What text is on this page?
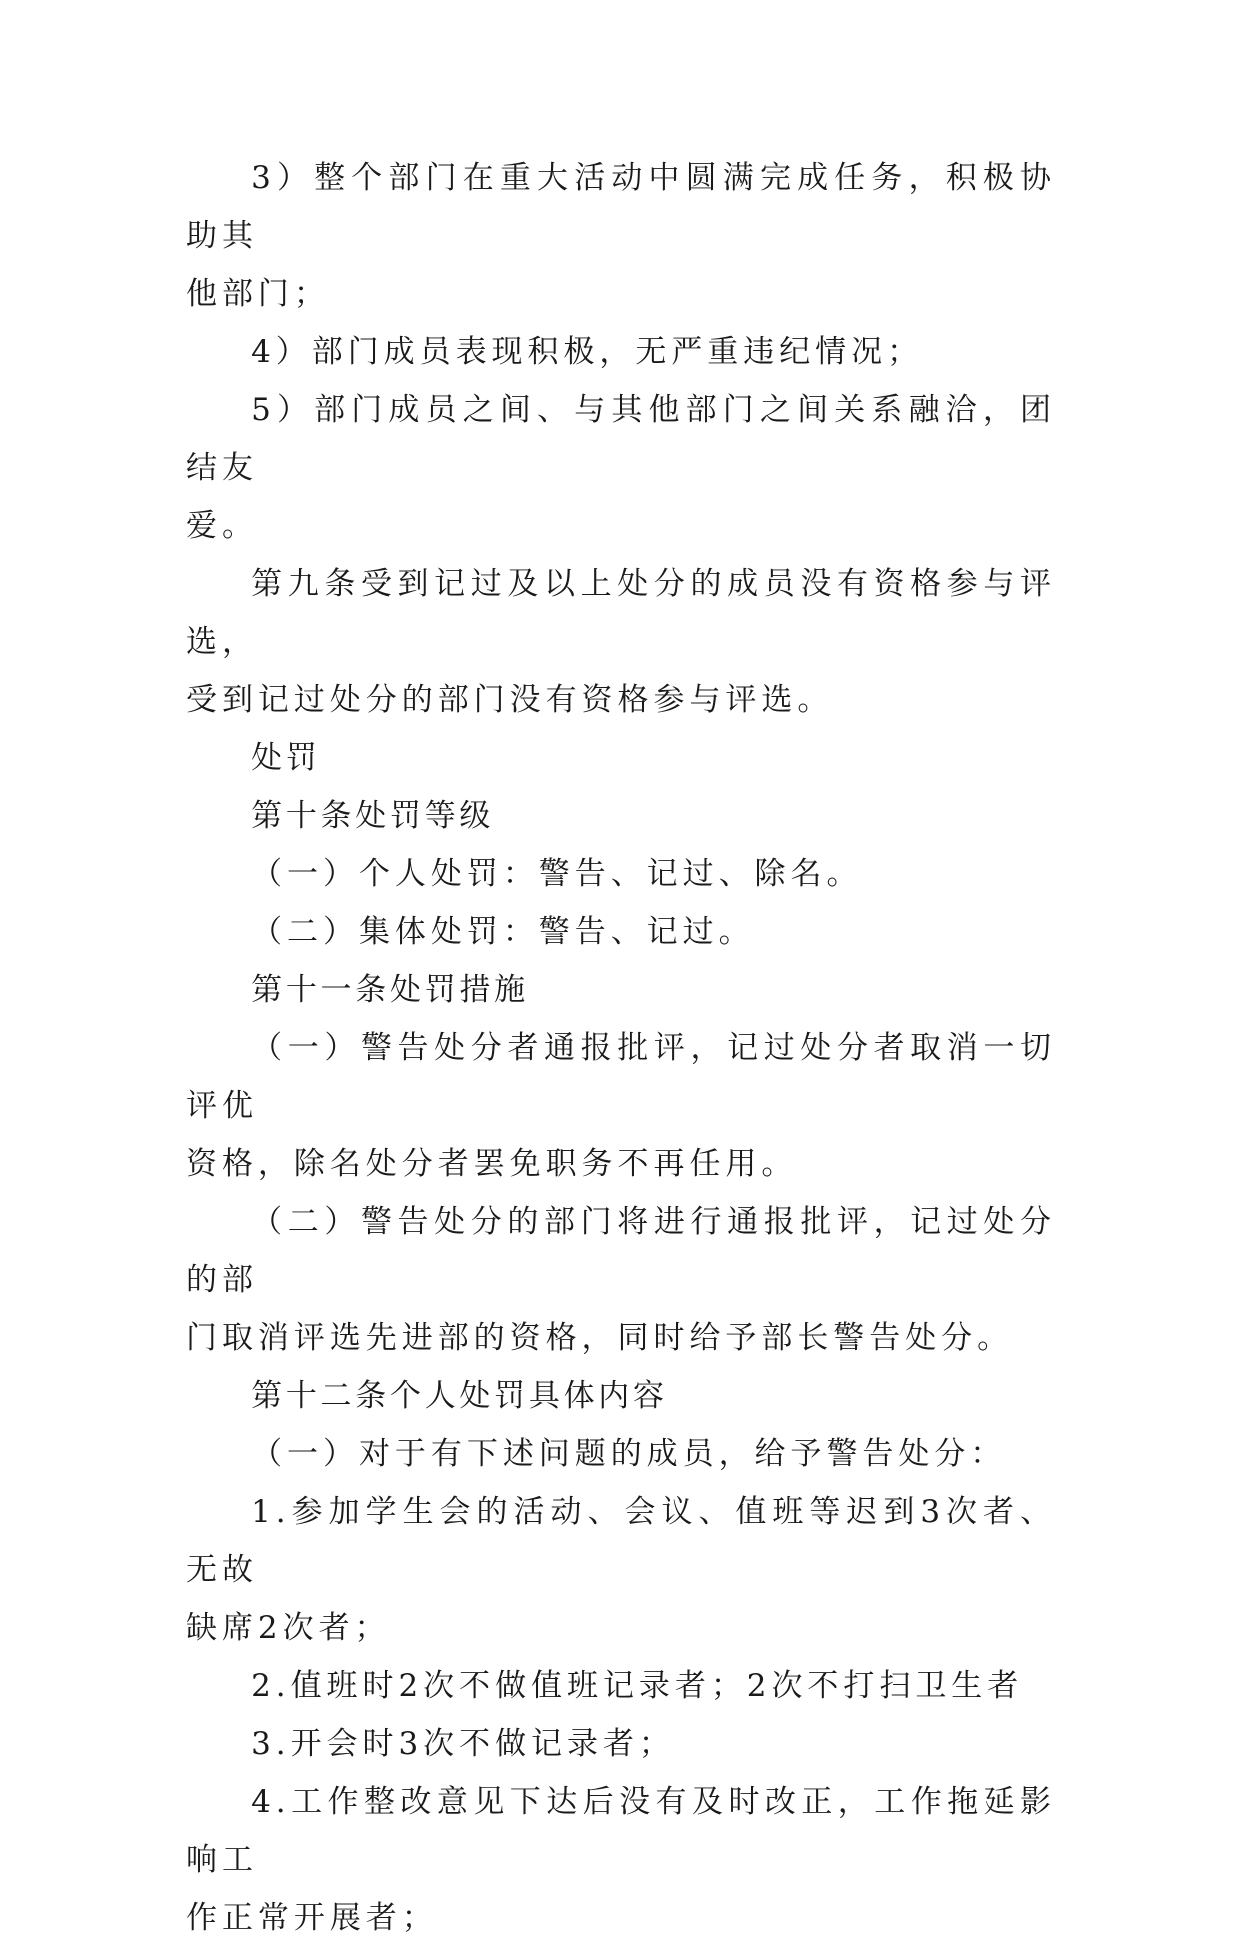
3）整个部门在重大活动中圆满完成任务，积极协助其
他部门；

4）部门成员表现积极，无严重违纪情况；

5）部门成员之间、与其他部门之间关系融洽，团结友
爱。

第九条受到记过及以上处分的成员没有资格参与评选，
受到记过处分的部门没有资格参与评选。

处罚

第十条处罚等级

（一）个人处罚：警告、记过、除名。

（二）集体处罚：警告、记过。

第十一条处罚措施

（一）警告处分者通报批评，记过处分者取消一切评优
资格，除名处分者罢免职务不再任用。

（二）警告处分的部门将进行通报批评，记过处分的部
门取消评选先进部的资格，同时给予部长警告处分。

第十二条个人处罚具体内容

（一）对于有下述问题的成员，给予警告处分：

1.参加学生会的活动、会议、值班等迟到3次者、无故
缺席2次者；

2.值班时2次不做值班记录者；2次不打扫卫生者

3.开会时3次不做记录者；

4.工作整改意见下达后没有及时改正，工作拖延影响工
作正常开展者；
